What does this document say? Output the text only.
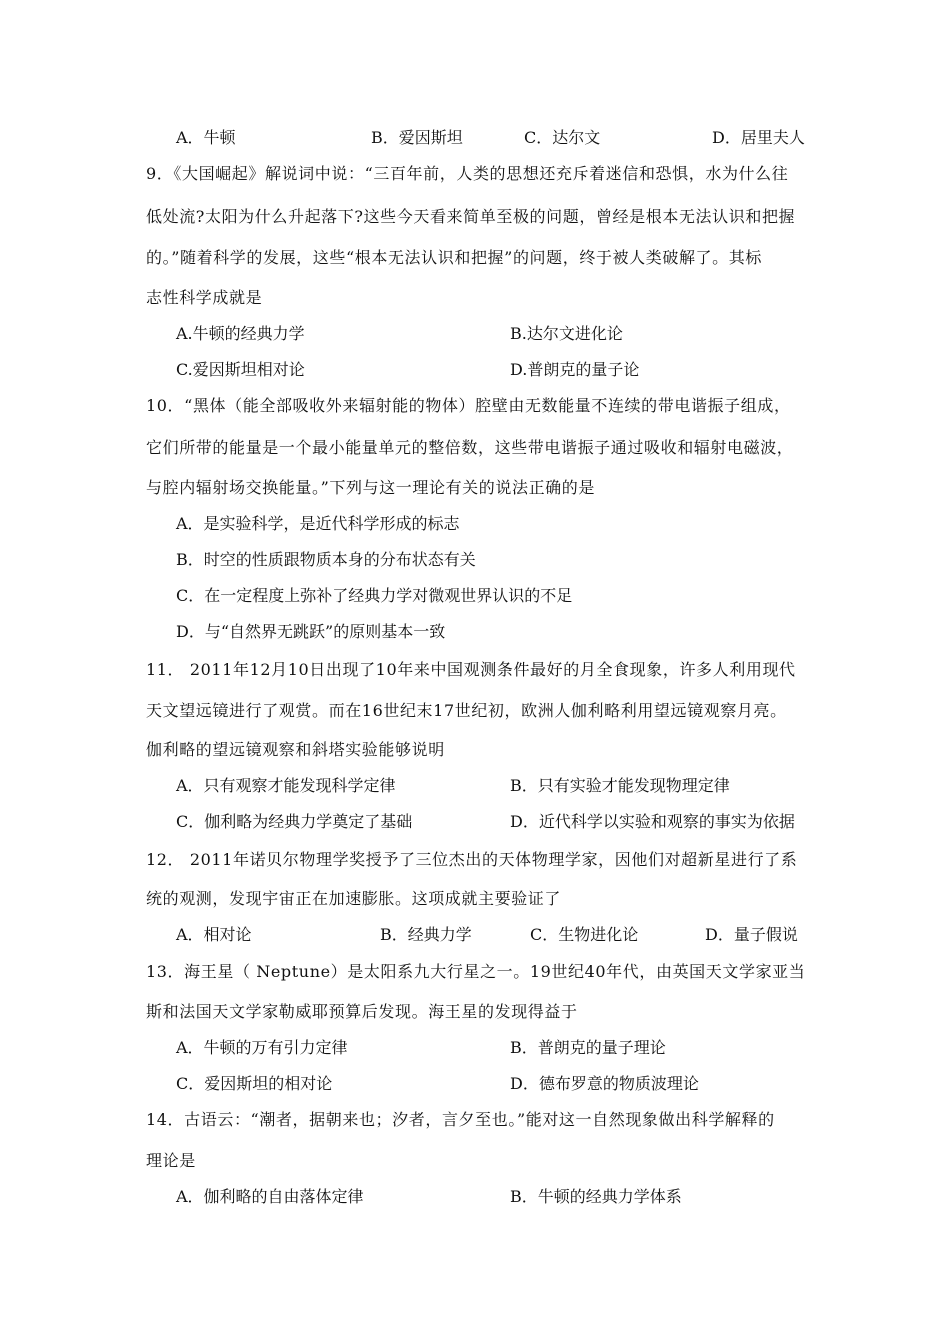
A．牛顿	B．爱因斯坦	C．达尔文	D．居里夫人
9．《大国崛起》解说词中说：“三百年前，人类的思想还充斥着迷信和恐惧，水为什么往
低处流?太阳为什么升起落下?这些今天看来简单至极的问题，曾经是根本无法认识和把握
的。”随着科学的发展，这些“根本无法认识和把握”的问题，终于被人类破解了。其标
志性科学成就是
A.牛顿的经典力学	B.达尔文进化论
C.爱因斯坦相对论	D.普朗克的量子论
10．“黑体（能全部吸收外来辐射能的物体）腔壁由无数能量不连续的带电谐振子组成，
它们所带的能量是一个最小能量单元的整倍数，这些带电谐振子通过吸收和辐射电磁波，
与腔内辐射场交换能量。”下列与这一理论有关的说法正确的是
A．是实验科学，是近代科学形成的标志
B．时空的性质跟物质本身的分布状态有关
C．在一定程度上弥补了经典力学对微观世界认识的不足
D．与“自然界无跳跃”的原则基本一致
11． 2011年12月10日出现了10年来中国观测条件最好的月全食现象，许多人利用现代
天文望远镜进行了观赏。而在16世纪末17世纪初，欧洲人伽利略利用望远镜观察月亮。
伽利略的望远镜观察和斜塔实验能够说明
A．只有观察才能发现科学定律	B．只有实验才能发现物理定律
C．伽利略为经典力学奠定了基础	D．近代科学以实验和观察的事实为依据
12． 2011年诺贝尔物理学奖授予了三位杰出的天体物理学家，因他们对超新星进行了系
统的观测，发现宇宙正在加速膨胀。这项成就主要验证了
A．相对论	B．经典力学	C．生物进化论	D．量子假说
13．海王星（ Neptune）是太阳系九大行星之一。19世纪40年代，由英国天文学家亚当
斯和法国天文学家勒威耶预算后发现。海王星的发现得益于
A．牛顿的万有引力定律	B．普朗克的量子理论
C．爱因斯坦的相对论	D．德布罗意的物质波理论
14．古语云：“潮者，据朝来也；汐者，言夕至也。”能对这一自然现象做出科学解释的
理论是
A．伽利略的自由落体定律	B．牛顿的经典力学体系
